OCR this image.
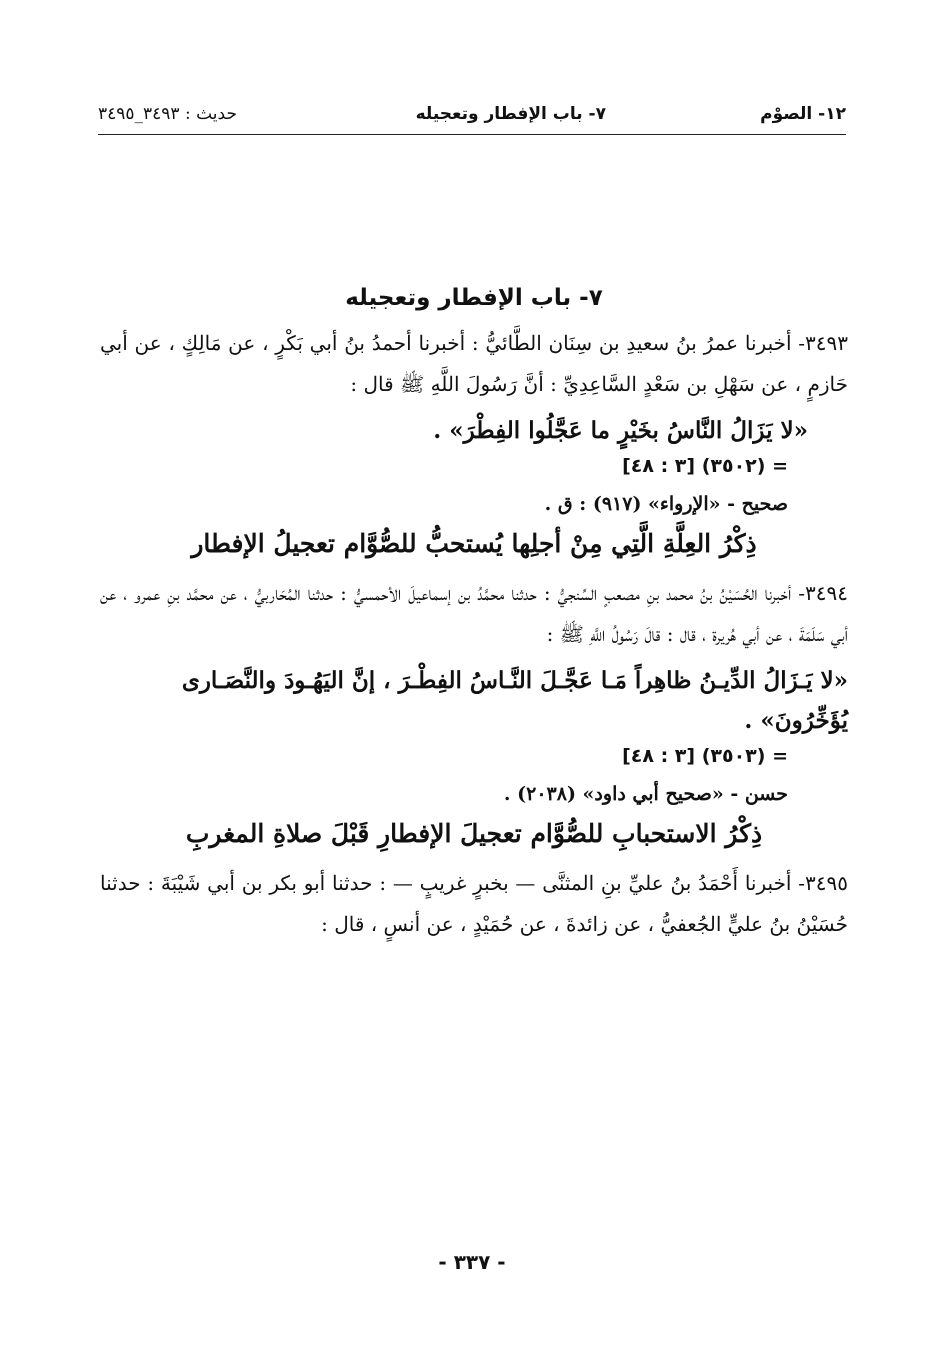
١٢- الصوْم
٧- باب الإفطار وتعجيله
حديث : ٣٤٩٣_٣٤٩٥
٧- باب الإفطار وتعجيله

٣٤٩٣- أخبرنا عمرُ بنُ سعيدِ بن سِنَان الطَّائيُّ : أخبرنا أحمدُ بنُ أبي بَكْرٍ ، عن مَالِكٍ ، عن أبي حَازمٍ ، عن سَهْلِ بن سَعْدٍ السَّاعِدِيِّ : أنَّ رَسُولَ اللَّهِ ﷺ قال :

«لا يَزَالُ النَّاسُ بخَيْرٍ ما عَجَّلُوا الفِطْرَ» .

= (٣٥٠٢) [٣ : ٤٨]

صحيح - «الإرواء» (٩١٧) : ق .

ذِكْرُ العِلَّةِ الَّتِي مِنْ أجلِها يُستحبُّ للصُّوَّام تعجيلُ الإفطار

٣٤٩٤- أخبرنا الحُسَيْنُ بنُ محمد بنِ مصعبٍ السِّنجيُّ : حدثنا محمَّدُ بن إسماعيلَ الأحمسيُّ : حدثنا المُحَاربيُّ ، عن محمَّد بنِ عمرو ، عن أبي سَلَمَةَ ، عن أبي هُريرة ، قال : قالَ رَسُولُ اللَّهِ ﷺ :

«لا يَـزَالُ الدِّيـنُ ظاهِراً مَـا عَجَّـلَ النَّـاسُ الفِطْـرَ ، إنَّ اليَهُـودَ والنَّصَـارى يُؤَخِّرُونَ» .

= (٣٥٠٣) [٣ : ٤٨]

حسن - «صحيح أبي داود» (٢٠٣٨) .

ذِكْرُ الاستحبابِ للصُّوَّام تعجيلَ الإفطارِ قَبْلَ صلاةِ المغربِ

٣٤٩٥- أخبرنا أَحْمَدُ بنُ عليِّ بنِ المثنَّى — بخبرٍ غريبٍ — : حدثنا أبو بكر بن أبي شَيْبَةَ : حدثنا حُسَيْنُ بنُ عليٍّ الجُعفيُّ ، عن زائدةَ ، عن حُمَيْدٍ ، عن أنسٍ ، قال :

- ٣٣٧ -
